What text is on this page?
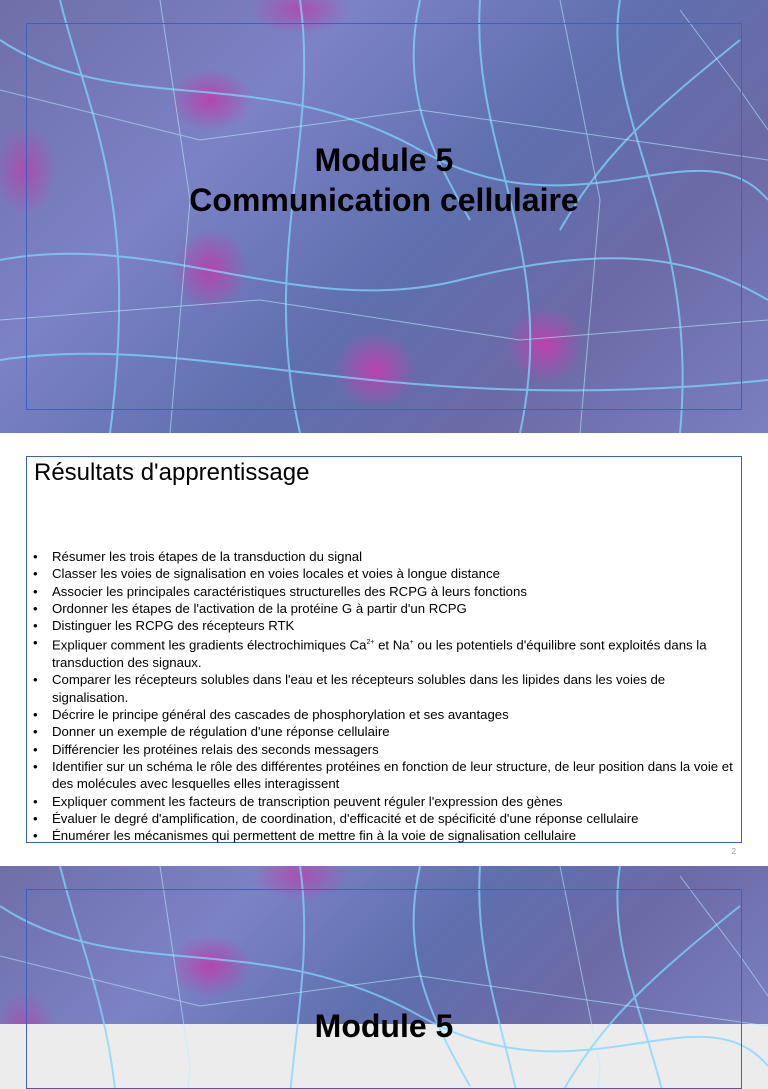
Module 5
Communication cellulaire
Résultats d'apprentissage
• Résumer les trois étapes de la transduction du signal
• Classer les voies de signalisation en voies locales et voies à longue distance
• Associer les principales caractéristiques structurelles des RCPG à leurs fonctions
• Ordonner les étapes de l'activation de la protéine G à partir d'un RCPG
• Distinguer les RCPG des récepteurs RTK
• Expliquer comment les gradients électrochimiques $Ca^{2+}$ et Na+ ou les potentiels d'équilibre sont exploités dans la transduction des signaux.
• Comparer les récepteurs solubles dans l'eau et les récepteurs solubles dans les lipides dans les voies de signalisation.
• Décrire le principe général des cascades de phosphorylation et ses avantages
• Donner un exemple de régulation d'une réponse cellulaire
• Différencier les protéines relais des seconds messagers
• Identifier sur un schéma le rôle des différentes protéines en fonction de leur structure, de leur position dans la voie et des molécules avec lesquelles elles interagissent
• Expliquer comment les facteurs de transcription peuvent réguler l'expression des gènes
• Évaluer le degré d'amplification, de coordination, d'efficacité et de spécificité d'une réponse cellulaire
• Énumérer les mécanismes qui permettent de mettre fin à la voie de signalisation cellulaire
2
Module 5
